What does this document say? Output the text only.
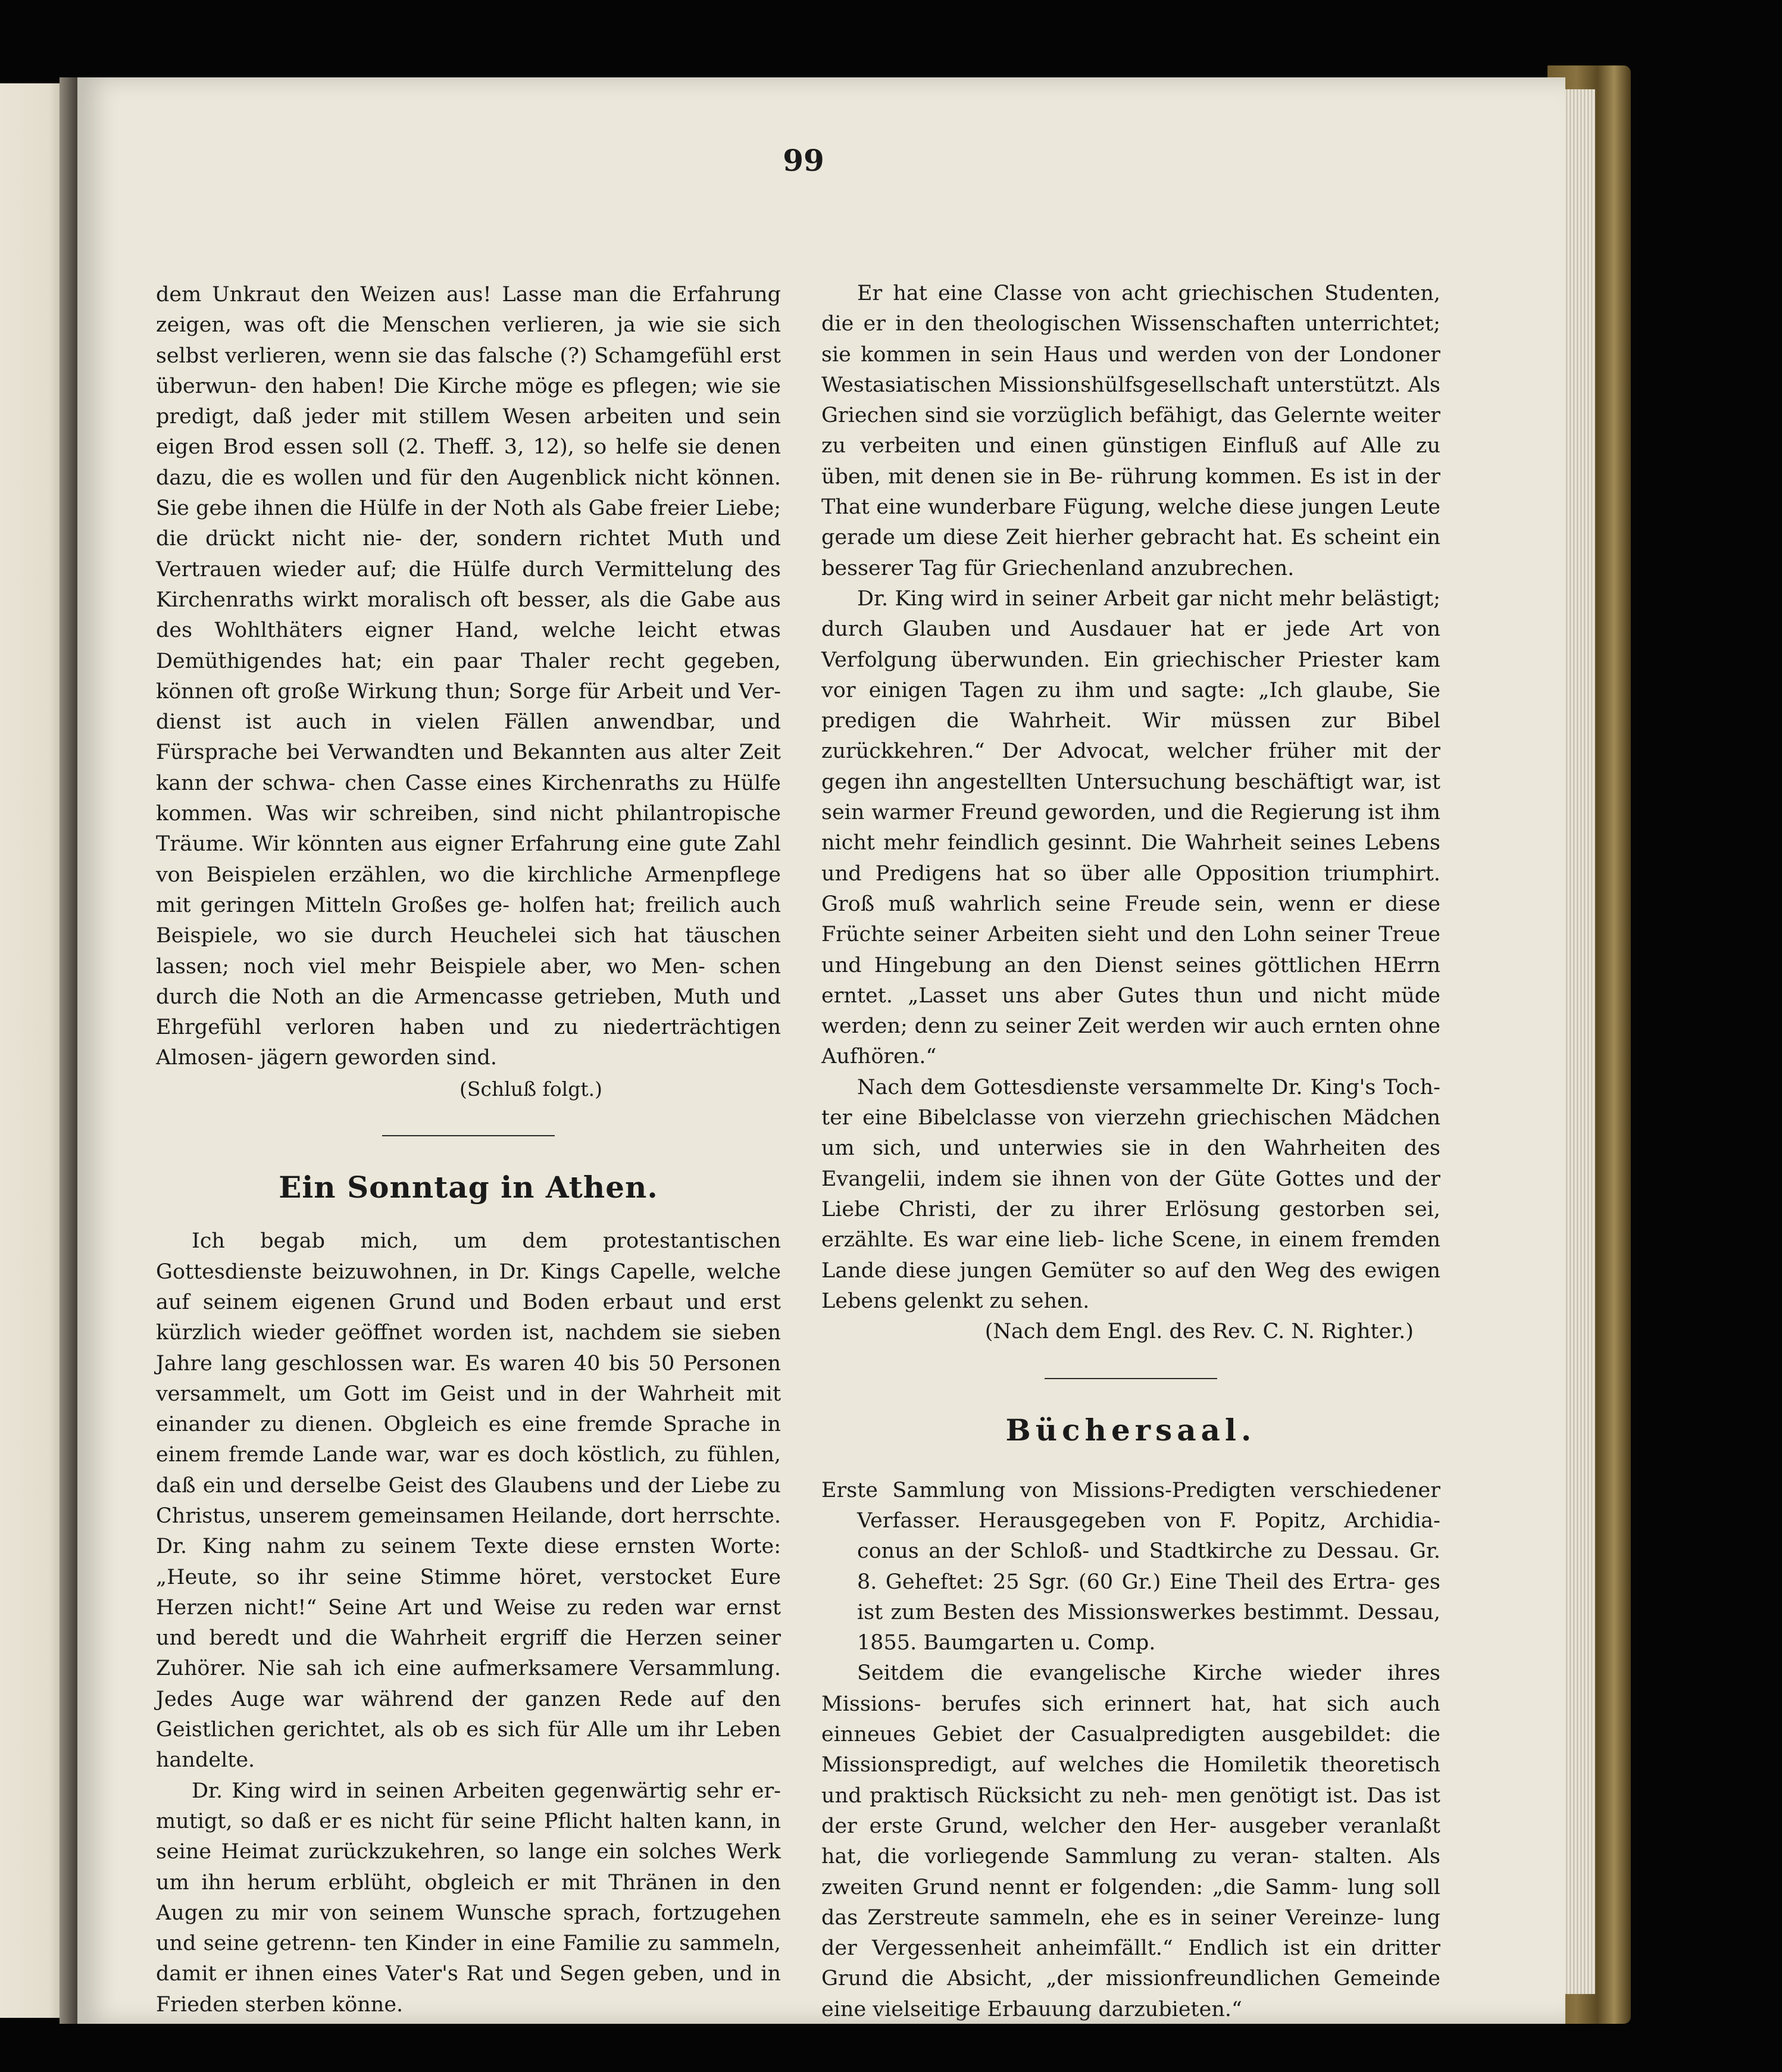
99

dem Unkraut den Weizen aus! Lasse man die Erfahrung zeigen, was oft die Menschen verlieren, ja wie sie sich selbst verlieren, wenn sie das falsche (?) Schamgefühl erst überwun- den haben! Die Kirche möge es pflegen; wie sie predigt, daß jeder mit stillem Wesen arbeiten und sein eigen Brod essen soll (2. Theff. 3, 12), so helfe sie denen dazu, die es wollen und für den Augenblick nicht können. Sie gebe ihnen die Hülfe in der Noth als Gabe freier Liebe; die drückt nicht nie- der, sondern richtet Muth und Vertrauen wieder auf; die Hülfe durch Vermittelung des Kirchenraths wirkt moralisch oft besser, als die Gabe aus des Wohlthäters eigner Hand, welche leicht etwas Demüthigendes hat; ein paar Thaler recht gegeben, können oft große Wirkung thun; Sorge für Arbeit und Ver- dienst ist auch in vielen Fällen anwendbar, und Fürsprache bei Verwandten und Bekannten aus alter Zeit kann der schwa- chen Casse eines Kirchenraths zu Hülfe kommen. Was wir schreiben, sind nicht philantropische Träume. Wir könnten aus eigner Erfahrung eine gute Zahl von Beispielen erzählen, wo die kirchliche Armenpflege mit geringen Mitteln Großes ge- holfen hat; freilich auch Beispiele, wo sie durch Heuchelei sich hat täuschen lassen; noch viel mehr Beispiele aber, wo Men- schen durch die Noth an die Armencasse getrieben, Muth und Ehrgefühl verloren haben und zu niederträchtigen Almosen- jägern geworden sind.

(Schluß folgt.)
Ein Sonntag in Athen.

Ich begab mich, um dem protestantischen Gottesdienste beizuwohnen, in Dr. Kings Capelle, welche auf seinem eigenen Grund und Boden erbaut und erst kürzlich wieder geöffnet worden ist, nachdem sie sieben Jahre lang geschlossen war. Es waren 40 bis 50 Personen versammelt, um Gott im Geist und in der Wahrheit mit einander zu dienen. Obgleich es eine fremde Sprache in einem fremde Lande war, war es doch köstlich, zu fühlen, daß ein und derselbe Geist des Glaubens und der Liebe zu Christus, unserem gemeinsamen Heilande, dort herrschte. Dr. King nahm zu seinem Texte diese ernsten Worte: „Heute, so ihr seine Stimme höret, verstocket Eure Herzen nicht!“ Seine Art und Weise zu reden war ernst und beredt und die Wahrheit ergriff die Herzen seiner Zuhörer. Nie sah ich eine aufmerksamere Versammlung. Jedes Auge war während der ganzen Rede auf den Geistlichen gerichtet, als ob es sich für Alle um ihr Leben handelte.

Dr. King wird in seinen Arbeiten gegenwärtig sehr er- mutigt, so daß er es nicht für seine Pflicht halten kann, in seine Heimat zurückzukehren, so lange ein solches Werk um ihn herum erblüht, obgleich er mit Thränen in den Augen zu mir von seinem Wunsche sprach, fortzugehen und seine getrenn- ten Kinder in eine Familie zu sammeln, damit er ihnen eines Vater's Rat und Segen geben, und in Frieden sterben könne.

Er hat eine Classe von acht griechischen Studenten, die er in den theologischen Wissenschaften unterrichtet; sie kommen in sein Haus und werden von der Londoner Westasiatischen Missionshülfsgesellschaft unterstützt. Als Griechen sind sie vorzüglich befähigt, das Gelernte weiter zu verbeiten und einen günstigen Einfluß auf Alle zu üben, mit denen sie in Be- rührung kommen. Es ist in der That eine wunderbare Fügung, welche diese jungen Leute gerade um diese Zeit hierher gebracht hat. Es scheint ein besserer Tag für Griechenland anzubrechen.

Dr. King wird in seiner Arbeit gar nicht mehr belästigt; durch Glauben und Ausdauer hat er jede Art von Verfolgung überwunden. Ein griechischer Priester kam vor einigen Tagen zu ihm und sagte: „Ich glaube, Sie predigen die Wahrheit. Wir müssen zur Bibel zurückkehren.“ Der Advocat, welcher früher mit der gegen ihn angestellten Untersuchung beschäftigt war, ist sein warmer Freund geworden, und die Regierung ist ihm nicht mehr feindlich gesinnt. Die Wahrheit seines Lebens und Predigens hat so über alle Opposition triumphirt. Groß muß wahrlich seine Freude sein, wenn er diese Früchte seiner Arbeiten sieht und den Lohn seiner Treue und Hingebung an den Dienst seines göttlichen HErrn erntet. „Lasset uns aber Gutes thun und nicht müde werden; denn zu seiner Zeit werden wir auch ernten ohne Aufhören.“

Nach dem Gottesdienste versammelte Dr. King's Toch- ter eine Bibelclasse von vierzehn griechischen Mädchen um sich, und unterwies sie in den Wahrheiten des Evangelii, indem sie ihnen von der Güte Gottes und der Liebe Christi, der zu ihrer Erlösung gestorben sei, erzählte. Es war eine lieb- liche Scene, in einem fremden Lande diese jungen Gemüter so auf den Weg des ewigen Lebens gelenkt zu sehen.

(Nach dem Engl. des Rev. C. N. Righter.)
Büchersaal.

Erste Sammlung von Missions-Predigten verschiedener Verfasser. Herausgegeben von F. Popitz, Archidia- conus an der Schloß- und Stadtkirche zu Dessau. Gr. 8. Geheftet: 25 Sgr. (60 Gr.) Eine Theil des Ertra- ges ist zum Besten des Missionswerkes bestimmt. Dessau, 1855. Baumgarten u. Comp.

Seitdem die evangelische Kirche wieder ihres Missions- berufes sich erinnert hat, hat sich auch einneues Gebiet der Casualpredigten ausgebildet: die Missionspredigt, auf welches die Homiletik theoretisch und praktisch Rücksicht zu neh- men genötigt ist. Das ist der erste Grund, welcher den Her- ausgeber veranlaßt hat, die vorliegende Sammlung zu veran- stalten. Als zweiten Grund nennt er folgenden: „die Samm- lung soll das Zerstreute sammeln, ehe es in seiner Vereinze- lung der Vergessenheit anheimfällt.“ Endlich ist ein dritter Grund die Absicht, „der missionfreundlichen Gemeinde eine vielseitige Erbauung darzubieten.“
